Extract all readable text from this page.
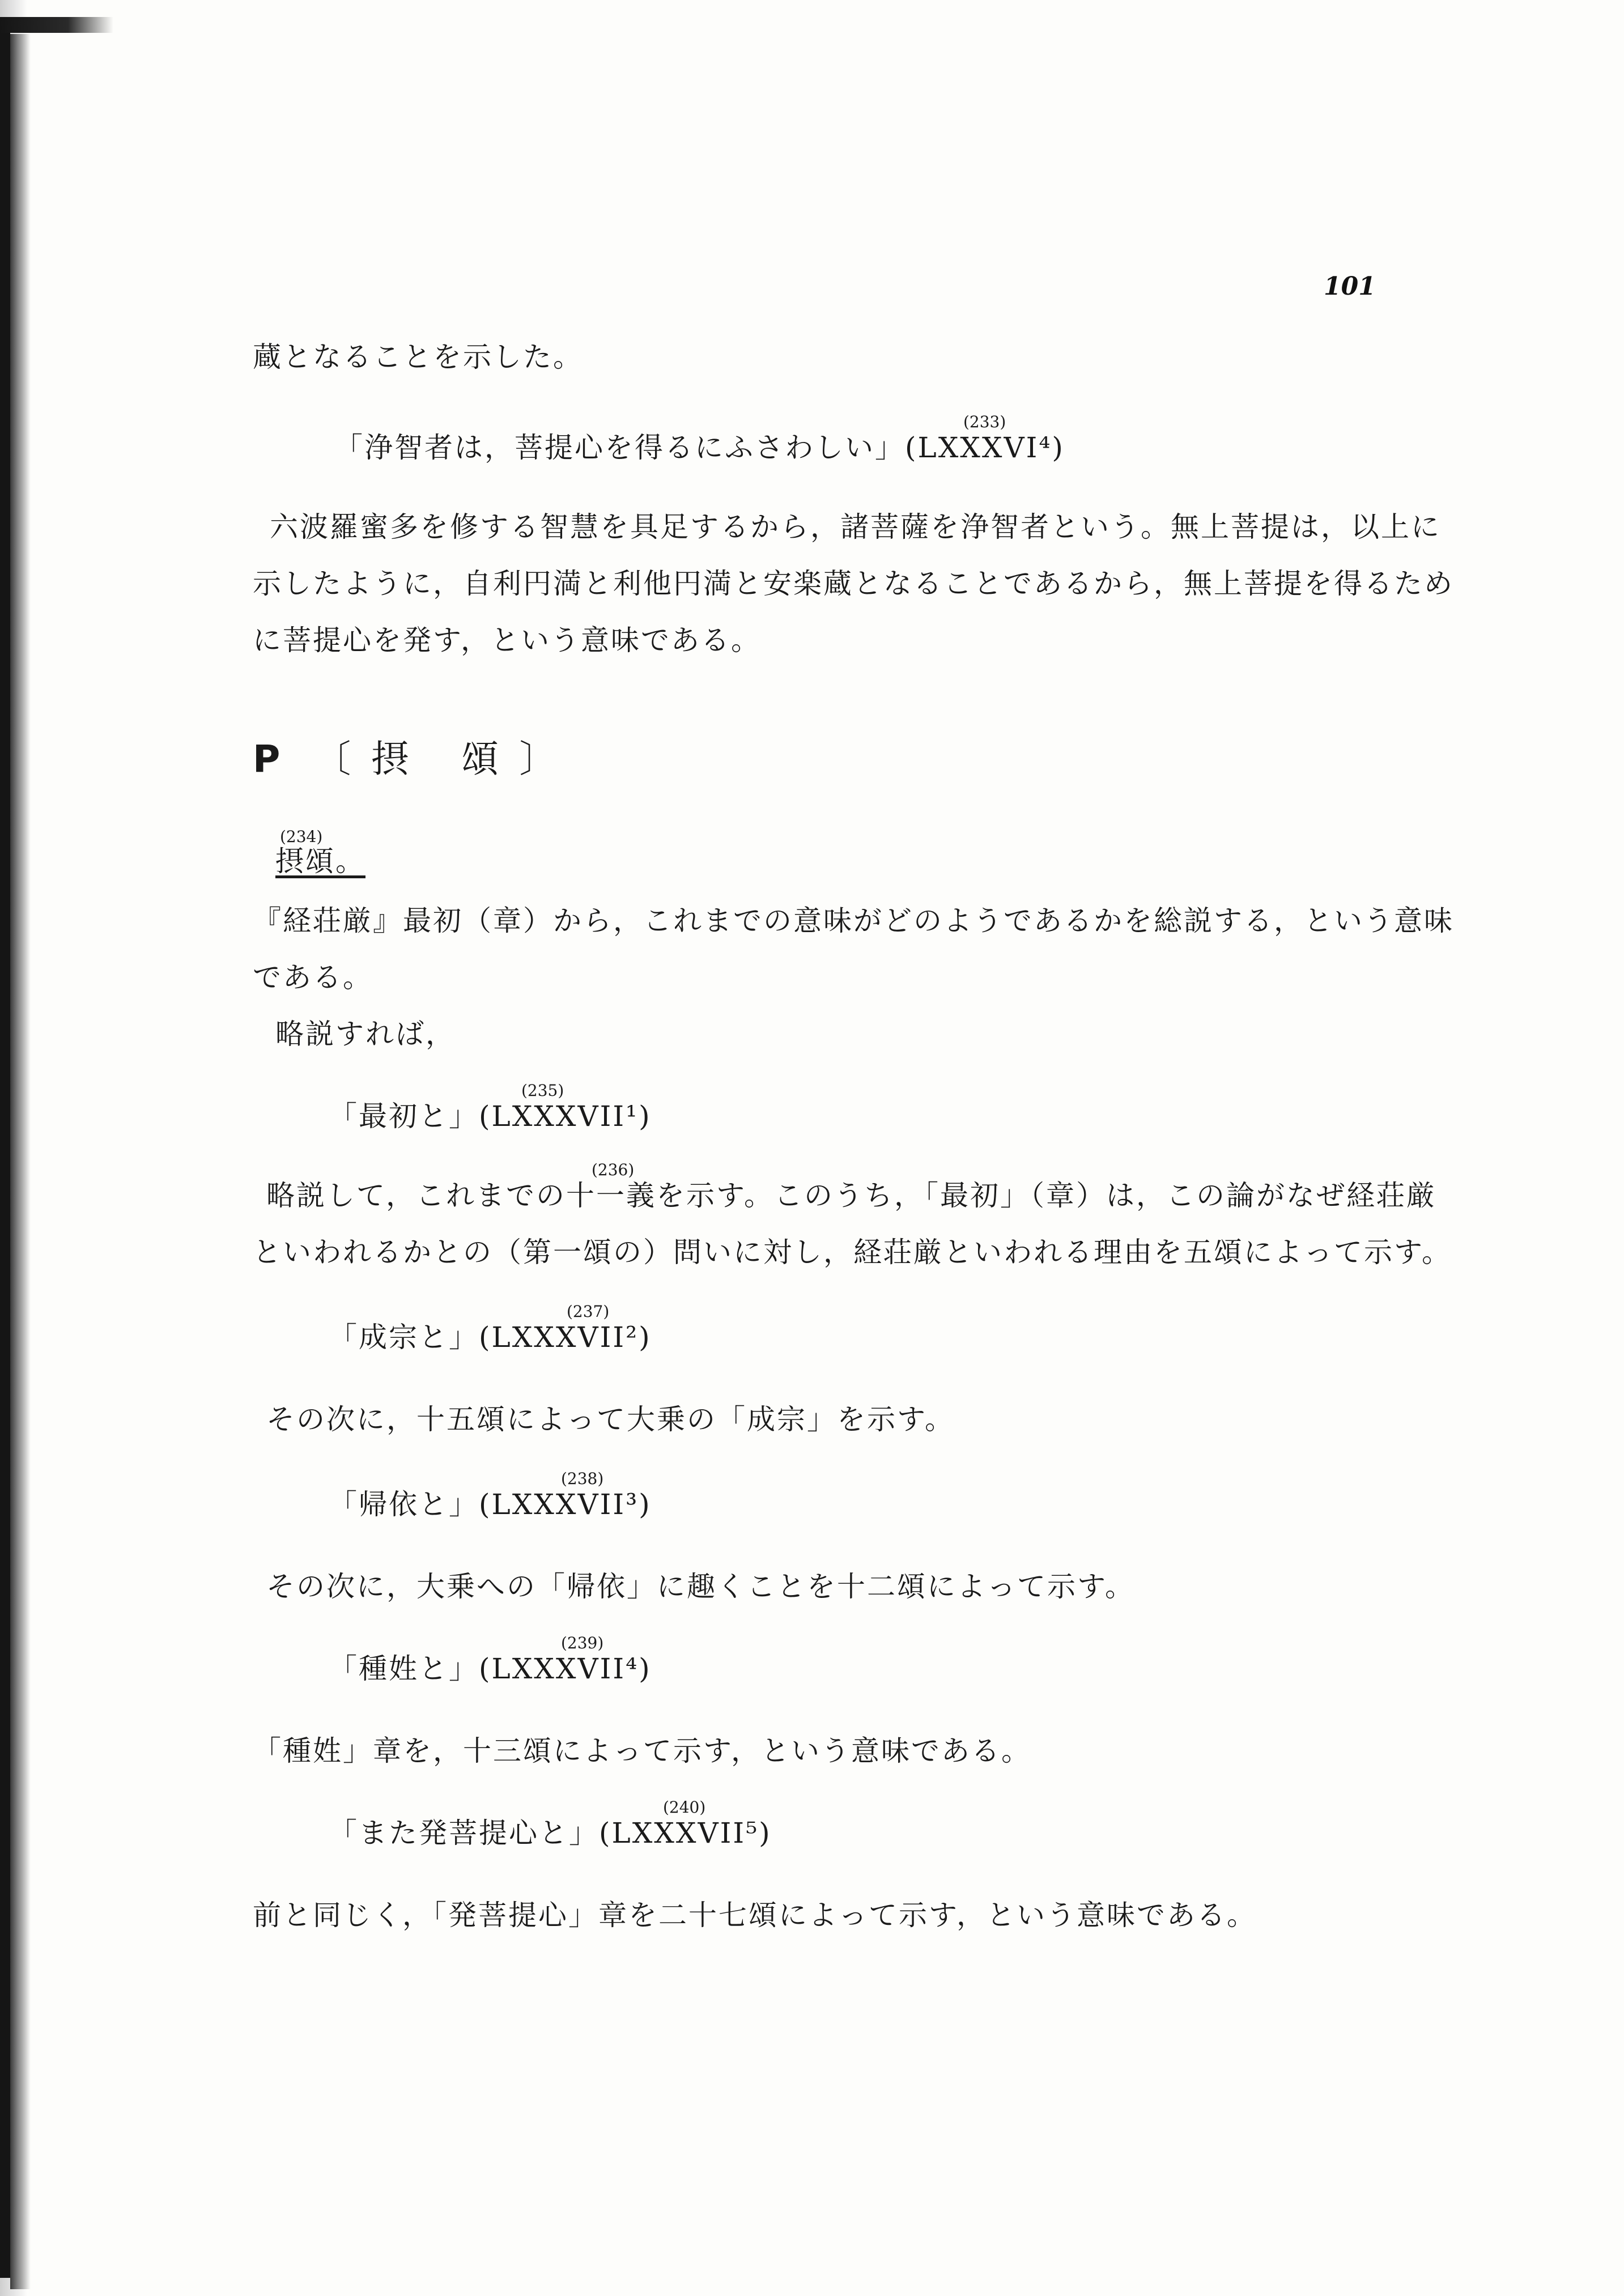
101
蔵となることを示した。
(233)
「浄智者は，菩提心を得るにふさわしい」(LXXXVI⁴)
六波羅蜜多を修する智慧を具足するから，諸菩薩を浄智者という。無上菩提は，以上に
示したように，自利円満と利他円満と安楽蔵となることであるから，無上菩提を得るため
に菩提心を発す，という意味である。
P 〔摂 頌〕
(234)
摂頌。
『経荘厳』最初（章）から，これまでの意味がどのようであるかを総説する，という意味
である。
略説すれば，
(235)
「最初と」(LXXXVII¹)
(236)
略説して，これまでの十一義を示す。このうち，「最初」（章）は，この論がなぜ経荘厳
といわれるかとの（第一頌の）問いに対し，経荘厳といわれる理由を五頌によって示す。
(237)
「成宗と」(LXXXVII²)
その次に，十五頌によって大乗の「成宗」を示す。
(238)
「帰依と」(LXXXVII³)
その次に，大乗への「帰依」に趣くことを十二頌によって示す。
(239)
「種姓と」(LXXXVII⁴)
「種姓」章を，十三頌によって示す，という意味である。
(240)
「また発菩提心と」(LXXXVII⁵)
前と同じく，「発菩提心」章を二十七頌によって示す，という意味である。
